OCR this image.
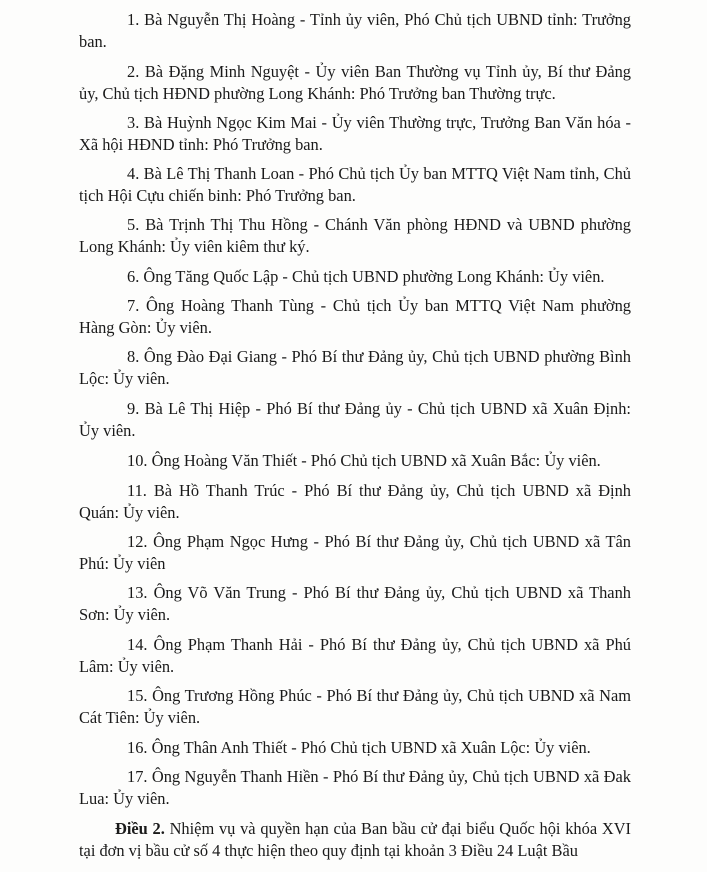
1. Bà Nguyễn Thị Hoàng - Tỉnh ủy viên, Phó Chủ tịch UBND tỉnh: Trưởng ban.

2. Bà Đặng Minh Nguyệt - Ủy viên Ban Thường vụ Tỉnh ủy, Bí thư Đảng ủy, Chủ tịch HĐND phường Long Khánh: Phó Trưởng ban Thường trực.

3. Bà Huỳnh Ngọc Kim Mai - Ủy viên Thường trực, Trưởng Ban Văn hóa - Xã hội HĐND tỉnh: Phó Trưởng ban.

4. Bà Lê Thị Thanh Loan - Phó Chủ tịch Ủy ban MTTQ Việt Nam tỉnh, Chủ tịch Hội Cựu chiến binh: Phó Trưởng ban.

5. Bà Trịnh Thị Thu Hồng - Chánh Văn phòng HĐND và UBND phường Long Khánh: Ủy viên kiêm thư ký.

6. Ông Tăng Quốc Lập - Chủ tịch UBND phường Long Khánh: Ủy viên.

7. Ông Hoàng Thanh Tùng - Chủ tịch Ủy ban MTTQ Việt Nam phường Hàng Gòn: Ủy viên.

8. Ông Đào Đại Giang - Phó Bí thư Đảng ủy, Chủ tịch UBND phường Bình Lộc: Ủy viên.

9. Bà Lê Thị Hiệp - Phó Bí thư Đảng ủy - Chủ tịch UBND xã Xuân Định: Ủy viên.

10. Ông Hoàng Văn Thiết - Phó Chủ tịch UBND xã Xuân Bắc: Ủy viên.

11. Bà Hồ Thanh Trúc - Phó Bí thư Đảng ủy, Chủ tịch UBND xã Định Quán: Ủy viên.

12. Ông Phạm Ngọc Hưng - Phó Bí thư Đảng ủy, Chủ tịch UBND xã Tân Phú: Ủy viên

13. Ông Võ Văn Trung - Phó Bí thư Đảng ủy, Chủ tịch UBND xã Thanh Sơn: Ủy viên.

14. Ông Phạm Thanh Hải - Phó Bí thư Đảng ủy, Chủ tịch UBND xã Phú Lâm: Ủy viên.

15. Ông Trương Hồng Phúc - Phó Bí thư Đảng ủy, Chủ tịch UBND xã Nam Cát Tiên: Ủy viên.

16. Ông Thân Anh Thiết - Phó Chủ tịch UBND xã Xuân Lộc: Ủy viên.

17. Ông Nguyễn Thanh Hiền - Phó Bí thư Đảng ủy, Chủ tịch UBND xã Đak Lua: Ủy viên.

Điều 2. Nhiệm vụ và quyền hạn của Ban bầu cử đại biểu Quốc hội khóa XVI tại đơn vị bầu cử số 4 thực hiện theo quy định tại khoản 3 Điều 24 Luật Bầu
